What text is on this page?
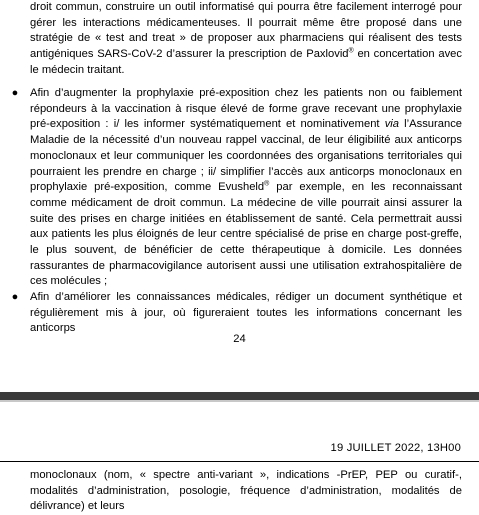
droit commun, construire un outil informatisé qui pourra être facilement interrogé pour gérer les interactions médicamenteuses. Il pourrait même être proposé dans une stratégie de « test and treat » de proposer aux pharmaciens qui réalisent des tests antigéniques SARS-CoV-2 d’assurer la prescription de Paxlovid® en concertation avec le médecin traitant.
● Afin d’augmenter la prophylaxie pré-exposition chez les patients non ou faiblement répondeurs à la vaccination à risque élevé de forme grave recevant une prophylaxie pré-exposition : i/ les informer systématiquement et nominativement via l’Assurance Maladie de la nécessité d’un nouveau rappel vaccinal, de leur éligibilité aux anticorps monoclonaux et leur communiquer les coordonnées des organisations territoriales qui pourraient les prendre en charge ; ii/ simplifier l’accès aux anticorps monoclonaux en prophylaxie pré-exposition, comme Evusheld® par exemple, en les reconnaissant comme médicament de droit commun. La médecine de ville pourrait ainsi assurer la suite des prises en charge initiées en établissement de santé. Cela permettrait aussi aux patients les plus éloignés de leur centre spécialisé de prise en charge post-greffe, le plus souvent, de bénéficier de cette thérapeutique à domicile. Les données rassurantes de pharmacovigilance autorisent aussi une utilisation extrahospitalière de ces molécules ;
● Afin d’améliorer les connaissances médicales, rédiger un document synthétique et régulièrement mis à jour, où figureraient toutes les informations concernant les anticorps
24
19 JUILLET 2022, 13H00
monoclonaux (nom, « spectre anti-variant », indications -PrEP, PEP ou curatif-, modalités d’administration, posologie, fréquence d’administration, modalités de délivrance) et leurs
